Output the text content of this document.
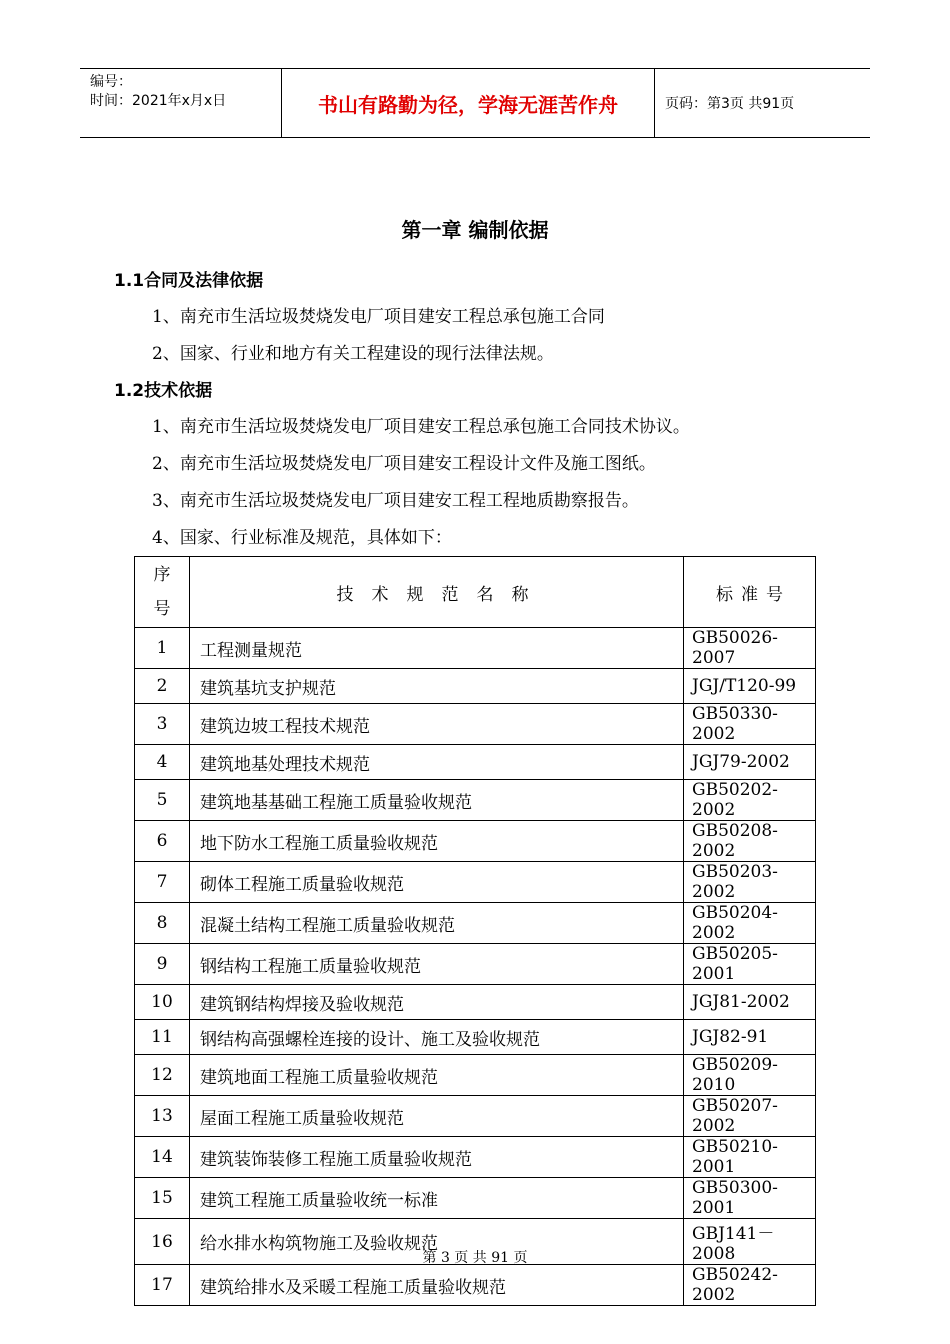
编号：
时间：2021年x月x日	书山有路勤为径，学海无涯苦作舟	页码：第3页 共91页
第一章 编制依据
1.1合同及法律依据
1、南充市生活垃圾焚烧发电厂项目建安工程总承包施工合同
2、国家、行业和地方有关工程建设的现行法律法规。
1.2技术依据
1、南充市生活垃圾焚烧发电厂项目建安工程总承包施工合同技术协议。
2、南充市生活垃圾焚烧发电厂项目建安工程设计文件及施工图纸。
3、南充市生活垃圾焚烧发电厂项目建安工程工程地质勘察报告。
4、国家、行业标准及规范，具体如下：
序
号	技术规范名称	标准号
1	工程测量规范	GB50026-2007
2	建筑基坑支护规范	JGJ/T120-99
3	建筑边坡工程技术规范	GB50330-2002
4	建筑地基处理技术规范	JGJ79-2002
5	建筑地基基础工程施工质量验收规范	GB50202-2002
6	地下防水工程施工质量验收规范	GB50208-2002
7	砌体工程施工质量验收规范	GB50203-2002
8	混凝土结构工程施工质量验收规范	GB50204-2002
9	钢结构工程施工质量验收规范	GB50205-2001
10	建筑钢结构焊接及验收规范	JGJ81-2002
11	钢结构高强螺栓连接的设计、施工及验收规范	JGJ82-91
12	建筑地面工程施工质量验收规范	GB50209-2010
13	屋面工程施工质量验收规范	GB50207-2002
14	建筑装饰装修工程施工质量验收规范	GB50210-2001
15	建筑工程施工质量验收统一标准	GB50300-2001
16	给水排水构筑物施工及验收规范	GBJ141－2008
17	建筑给排水及采暖工程施工质量验收规范	GB50242-2002
第 3 页 共 91 页
